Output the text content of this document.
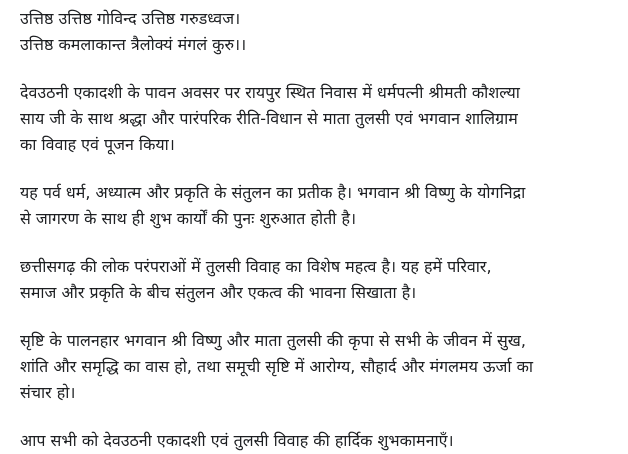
उत्तिष्ठ उत्तिष्ठ गोविन्द उत्तिष्ठ गरुडध्वज।
उत्तिष्ठ कमलाकान्त त्रैलोक्यं मंगलं कुरु।।

देवउठनी एकादशी के पावन अवसर पर रायपुर स्थित निवास में धर्मपत्नी श्रीमती कौशल्या
साय जी के साथ श्रद्धा और पारंपरिक रीति-विधान से माता तुलसी एवं भगवान शालिग्राम
का विवाह एवं पूजन किया।

यह पर्व धर्म, अध्यात्म और प्रकृति के संतुलन का प्रतीक है। भगवान श्री विष्णु के योगनिद्रा
से जागरण के साथ ही शुभ कार्यों की पुनः शुरुआत होती है।

छत्तीसगढ़ की लोक परंपराओं में तुलसी विवाह का विशेष महत्व है। यह हमें परिवार,
समाज और प्रकृति के बीच संतुलन और एकत्व की भावना सिखाता है।

सृष्टि के पालनहार भगवान श्री विष्णु और माता तुलसी की कृपा से सभी के जीवन में सुख,
शांति और समृद्धि का वास हो, तथा समूची सृष्टि में आरोग्य, सौहार्द और मंगलमय ऊर्जा का
संचार हो।

आप सभी को देवउठनी एकादशी एवं तुलसी विवाह की हार्दिक शुभकामनाएँ।
